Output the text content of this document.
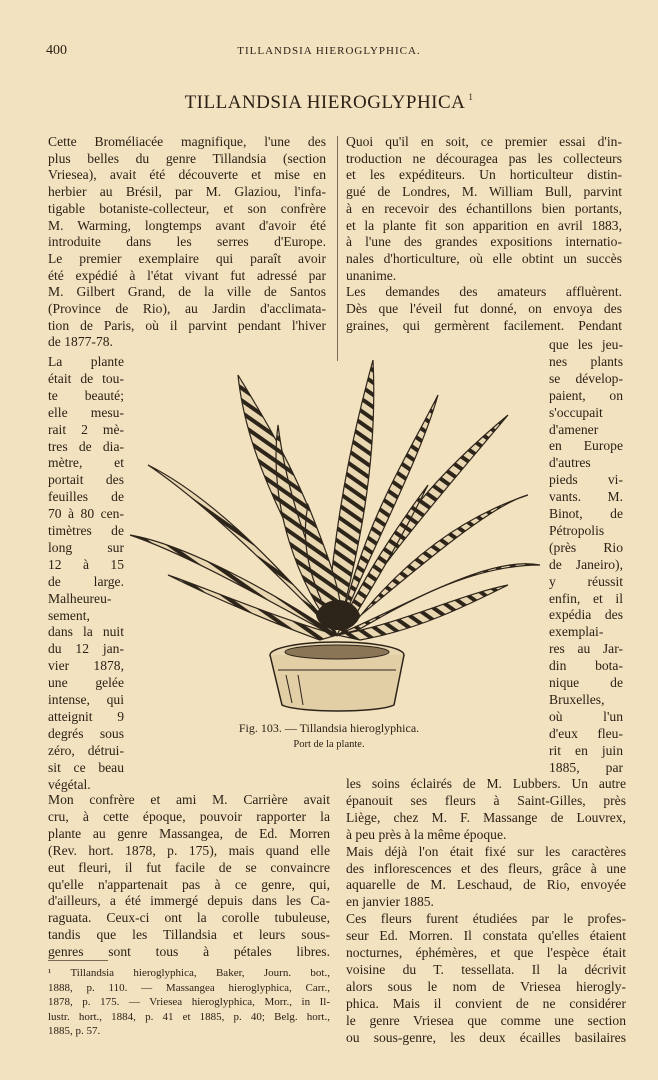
400	TILLANDSIA HIEROGLYPHICA.
TILLANDSIA HIEROGLYPHICA $^1$
Cette Broméliacée magnifique, l'une des
plus belles du genre Tillandsia (section
Vriesea), avait été découverte et mise en
herbier au Brésil, par M. Glaziou, l'infa-
tigable botaniste-collecteur, et son confrère
M. Warming, longtemps avant d'avoir été
introduite dans les serres d'Europe.
Le premier exemplaire qui paraît avoir
été expédié à l'état vivant fut adressé par
M. Gilbert Grand, de la ville de Santos
(Province de Rio), au Jardin d'acclimata-
tion de Paris, où il parvint pendant l'hiver
de 1877-78.
La plante
était de tou-
te beauté;
elle mesu-
rait 2 mè-
tres de dia-
mètre, et
portait des
feuilles de
70 à 80 cen-
timètres de
long sur
12 à 15
de large.
Malheureu-
sement,
dans la nuit
du 12 jan-
vier 1878,
une gelée
intense, qui
atteignit 9
degrés sous
zéro, détrui-
sit ce beau
végétal.
Mon confrère et ami M. Carrière avait
cru, à cette époque, pouvoir rapporter la
plante au genre Massangea, de Ed. Morren
(Rev. hort. 1878, p. 175), mais quand elle
eut fleuri, il fut facile de se convaincre
qu'elle n'appartenait pas à ce genre, qui,
d'ailleurs, a été immergé depuis dans les Ca-
raguata. Ceux-ci ont la corolle tubuleuse,
tandis que les Tillandsia et leurs sous-
genres sont tous à pétales libres.
¹ Tillandsia hieroglyphica, Baker, Journ. bot.,
1888, p. 110. — Massangea hieroglyphica, Carr.,
1878, p. 175. — Vriesea hieroglyphica, Morr., in Il-
lustr. hort., 1884, p. 41 et 1885, p. 40; Belg. hort.,
1885, p. 57.
Quoi qu'il en soit, ce premier essai d'in-
troduction ne découragea pas les collecteurs
et les expéditeurs. Un horticulteur distin-
gué de Londres, M. William Bull, parvint
à en recevoir des échantillons bien portants,
et la plante fit son apparition en avril 1883,
à l'une des grandes expositions internatio-
nales d'horticulture, où elle obtint un succès
unanime.
Les demandes des amateurs affluèrent.
Dès que l'éveil fut donné, on envoya des
graines, qui germèrent facilement. Pendant
que les jeu-
nes plants
se dévelop-
paient, on
s'occupait
d'amener
en Europe
d'autres
pieds vi-
vants. M.
Binot, de
Pétropolis
(près Rio
de Janeiro),
y réussit
enfin, et il
expédia des
exemplai-
res au Jar-
din bota-
nique de
Bruxelles,
où l'un
d'eux fleu-
rit en juin
1885, par
les soins éclairés de M. Lubbers. Un autre
épanouit ses fleurs à Saint-Gilles, près
Liège, chez M. F. Massange de Louvrex,
à peu près à la même époque.
Mais déjà l'on était fixé sur les caractères
des inflorescences et des fleurs, grâce à une
aquarelle de M. Leschaud, de Rio, envoyée
en janvier 1885.
Ces fleurs furent étudiées par le profes-
seur Ed. Morren. Il constata qu'elles étaient
nocturnes, éphémères, et que l'espèce était
voisine du T. tessellata. Il la décrivit
alors sous le nom de Vriesea hierogly-
phica. Mais il convient de ne considérer
le genre Vriesea que comme une section
ou sous-genre, les deux écailles basilaires
Fig. 103. — Tillandsia hieroglyphica.
Port de la plante.
